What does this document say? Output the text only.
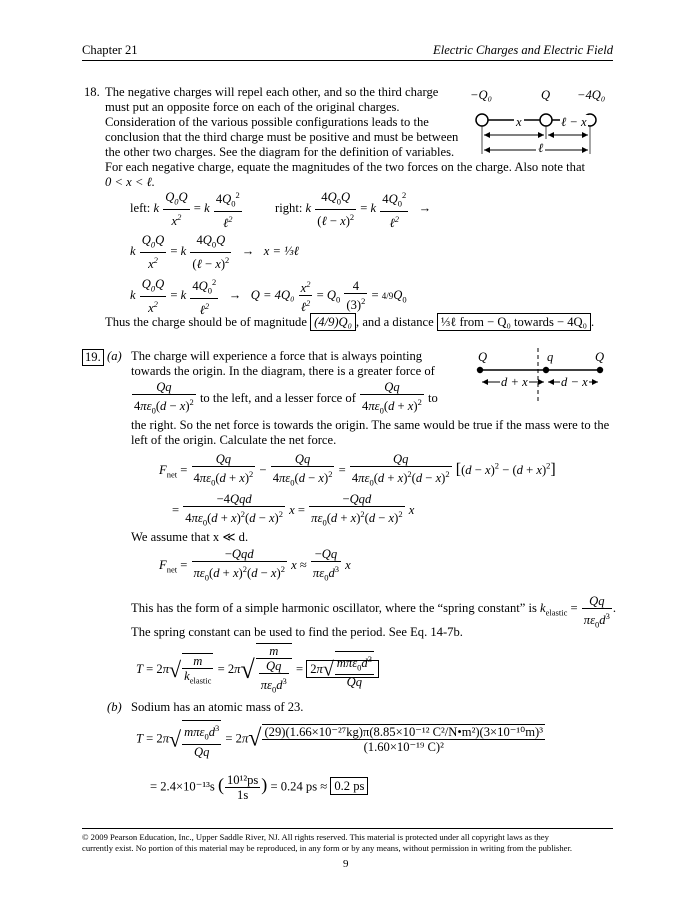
Chapter 21	Electric Charges and Electric Field
18. The negative charges will repel each other, and so the third charge
must put an opposite force on each of the original charges.
Consideration of the various possible configurations leads to the
conclusion that the third charge must be positive and must be between
the other two charges. See the diagram for the definition of variables.
For each negative charge, equate the magnitudes of the two forces on the charge. Also note that
0 < x < ℓ.
−Q₀	Q −4Q₀
x	ℓ − x
ℓ
left: k $\frac{Q_0Q}{x^2} = k \frac{4Q_0^2}{\ell^2}$	right: k $\frac{4Q_0Q}{(\ell - x)^2} = k \frac{4Q_0^2}{\ell^2}$ →
k $\frac{Q_0Q}{x^2} = k \frac{4Q_0Q}{(\ell - x)^2} \to x$ = ⅓ℓ
k $\frac{Q_0Q}{x^2} = k \frac{4Q_0^2}{\ell^2} \to Q = 4Q_0 \frac{x^2}{\ell^2} = Q_0 \frac{4}{(3)^2} = 4/9Q_0$
Thus the charge should be of magnitude (4/9)Q₀ , and a distance ⅓ℓ from − Q₀ towards − 4Q₀ .
19. (a) The charge will experience a force that is always pointing
towards the origin. In the diagram, there is a greater force of
$\frac{Qq}{4\pi\varepsilon_0(d - x)^2}$ to the left, and a lesser force of $\frac{Qq}{4\pi\varepsilon_0(d + x)^2}$ to
the right. So the net force is towards the origin. The same would be true if the mass were to the
left of the origin. Calculate the net force.
Q	q	Q
d + x	d − x
$F_{net} = \frac{Qq}{4\pi\varepsilon_0(d + x)^2} - \frac{Qq}{4\pi\varepsilon_0(d - x)^2} = \frac{Qq}{4\pi\varepsilon_0(d + x)^2(d - x)^2} [(d - x)^2 - (d + x)^2]$
= $\frac{\text{−4Qqd}}{4\pi\varepsilon_0(d + x)^2(d - x)^2}$ $x = \frac{\text{−Qqd}}{\pi\varepsilon_0(d + x)^2(d - x)^2}$ x
We assume that x ≪ d.
$F_{net} = \frac{\text{−Qqd}}{\pi\varepsilon_0(d + x)^2(d - x)^2}$ $x \approx \frac{-Qq}{\pi\varepsilon_0d^3}$ x
This has the form of a simple harmonic oscillator, where the “spring constant” is $k_{elastic} = \frac{Qq}{\pi\varepsilon_0d^3}$ .
The spring constant can be used to find the period. See Eq. 14-7b.
$T = 2\pi√ \frac{m}{k_{elastic}} = 2\pi√ \frac{m}{\frac{Qq}{\pi\varepsilon_0d^3}} = 2\pi√ \frac{m\pi\varepsilon_0d^3}{Qq}$
(b) Sodium has an atomic mass of 23.
$T = 2\pi√ \frac{m\pi\varepsilon_0d^3}{Qq} = 2\pi√ \frac{\text{(29)(1.66×10⁻²⁷kg)π(8.85×10⁻¹² C²/N•m²)(3×10⁻¹⁰m)³}}{\text{(1.60×10⁻¹⁹ C)²}}$
= 2.4×10⁻¹³s ( $\frac{\text{10¹²ps}}{1s}$ ) = 0.24 ps ≈ 0.2 ps
© 2009 Pearson Education, Inc., Upper Saddle River, NJ. All rights reserved. This material is protected under all copyright laws as they
currently exist. No portion of this material may be reproduced, in any form or by any means, without permission in writing from the publisher.
9
